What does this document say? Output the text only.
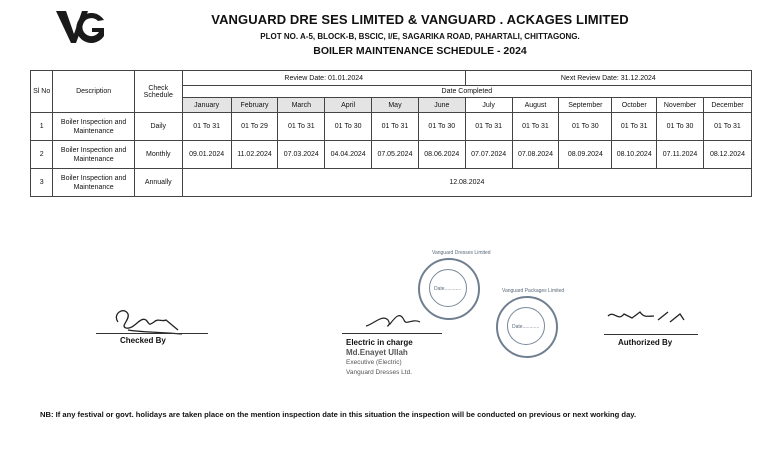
VANGUARD DRE SES LIMITED & VANGUARD . ACKAGES LIMITED
PLOT NO. A-5, BLOCK-B, BSCIC, I/E, SAGARIKA ROAD, PAHARTALI, CHITTAGONG.
BOILER MAINTENANCE SCHEDULE - 2024
Sl No	Description	Check Schedule	Review Date: 01.01.2024						Next Review Date: 31.12.2024					
			Date Completed											
			January	February	March	April	May	June	July	August	September	October	November	December
1	Boiler Inspection and Maintenance	Daily	01 To 31	01 To 29	01 To 31	01 To 30	01 To 31	01 To 30	01 To 31	01 To 31	01 To 30	01 To 31	01 To 30	01 To 31
2	Boiler Inspection and Maintenance	Monthly	09.01.2024	11.02.2024	07.03.2024	04.04.2024	07.05.2024	08.06.2024	07.07.2024	07.08.2024	08.09.2024	08.10.2024	07.11.2024	08.12.2024
3	Boiler Inspection and Maintenance	Annually	12.08.2024											
Checked By	Electric in charge
Md.Enayet Ullah
Executive (Electric)
Vanguard Dresses Ltd.
Date............
Vanguard Dresses Limited
Date............
Vanguard Packages Limited
Authorized By
NB: If any festival or govt. holidays are taken place on the mention inspection date in this situation the inspection will be conducted on previous or next working day.
